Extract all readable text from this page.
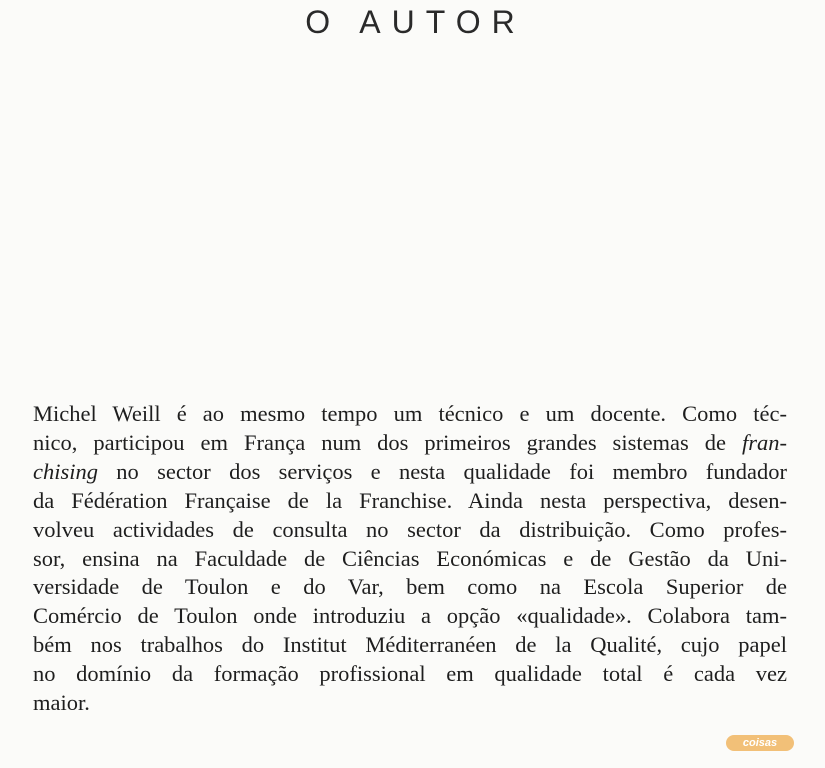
O AUTOR
Michel Weill é ao mesmo tempo um técnico e um docente. Como téc-
nico, participou em França num dos primeiros grandes sistemas de fran-
chising no sector dos serviços e nesta qualidade foi membro fundador
da Fédération Française de la Franchise. Ainda nesta perspectiva, desen-
volveu actividades de consulta no sector da distribuição. Como profes-
sor, ensina na Faculdade de Ciências Económicas e de Gestão da Uni-
versidade de Toulon e do Var, bem como na Escola Superior de
Comércio de Toulon onde introduziu a opção «qualidade». Colabora tam-
bém nos trabalhos do Institut Méditerranéen de la Qualité, cujo papel
no domínio da formação profissional em qualidade total é cada vez
maior.
coisas
